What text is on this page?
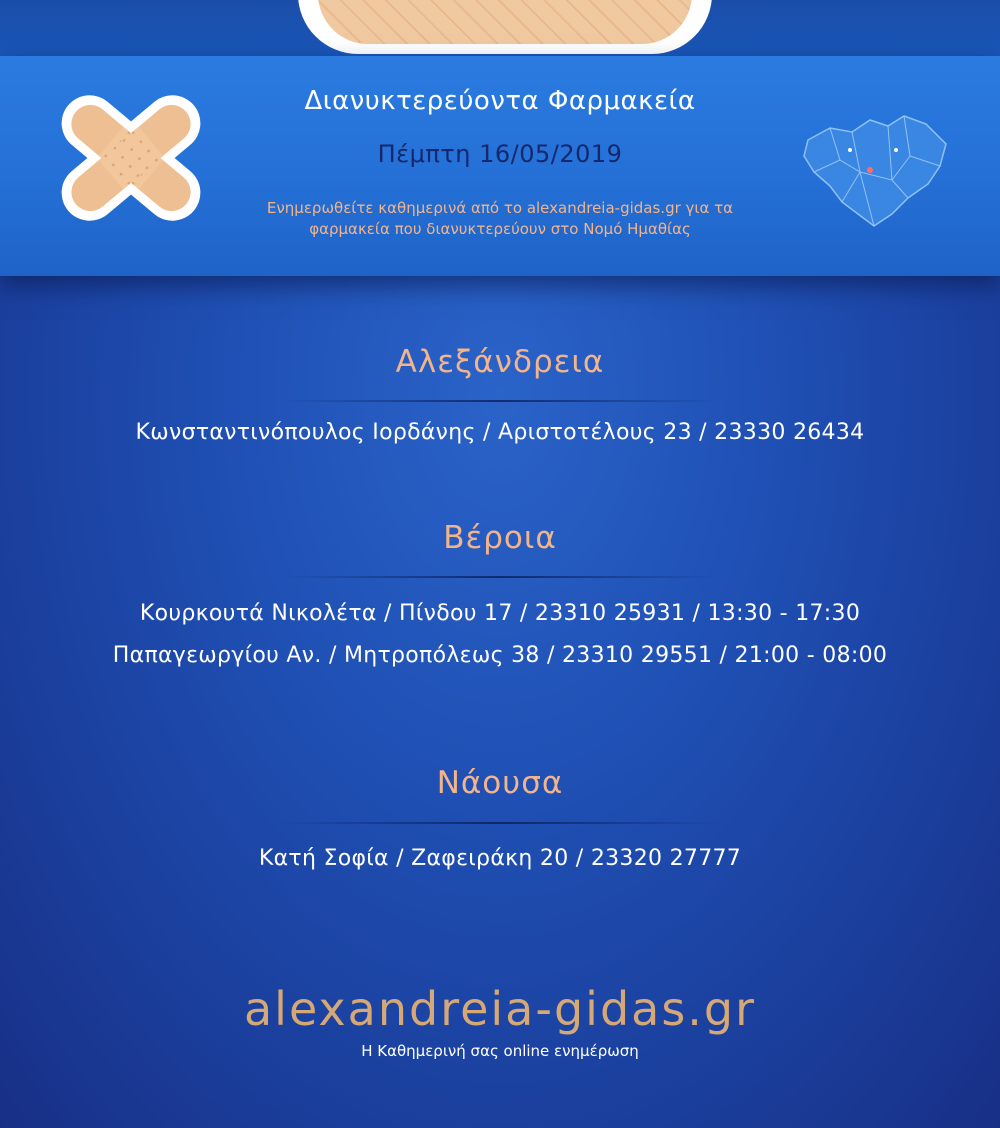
Διανυκτερεύοντα Φαρμακεία
Πέμπτη 16/05/2019
Ενημερωθείτε καθημερινά από το alexandreia-gidas.gr για τα
φαρμακεία που διανυκτερεύουν στο Νομό Ημαθίας
Αλεξάνδρεια
Κωνσταντινόπουλος Ιορδάνης / Αριστοτέλους 23 / 23330 26434
Βέροια
Κουρκουτά Νικολέτα / Πίνδου 17 / 23310 25931 / 13:30 - 17:30
Παπαγεωργίου Αν. / Μητροπόλεως 38 / 23310 29551 / 21:00 - 08:00
Νάουσα
Κατή Σοφία / Ζαφειράκη 20 / 23320 27777
alexandreia-gidas.gr
Η Καθημερινή σας online ενημέρωση
